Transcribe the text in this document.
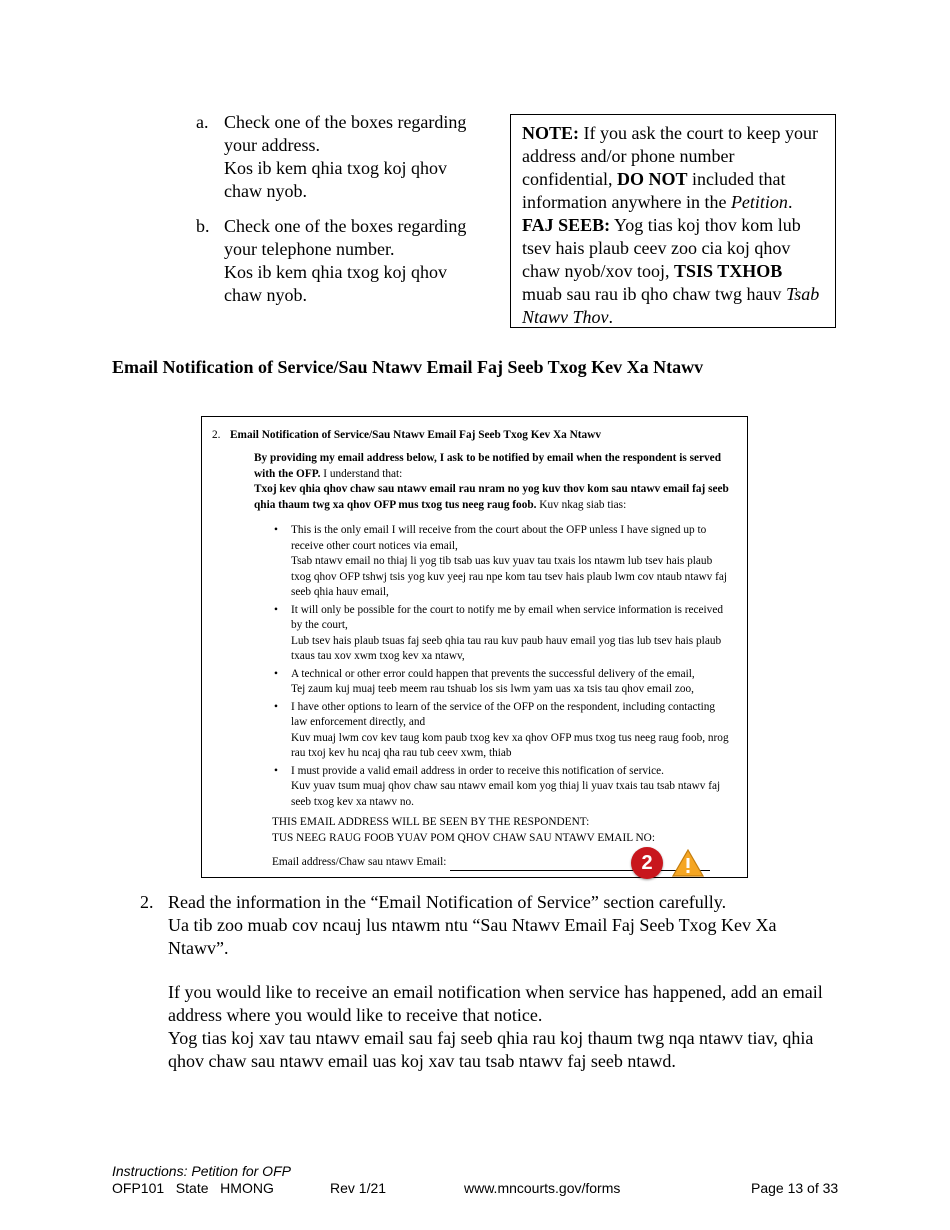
a. Check one of the boxes regarding
your address.
Kos ib kem qhia txog koj qhov
chaw nyob.
b. Check one of the boxes regarding
your telephone number.
Kos ib kem qhia txog koj qhov
chaw nyob.

NOTE: If you ask the court to keep your address and/or phone number confidential, DO NOT included that information anywhere in the Petition.

FAJ SEEB: Yog tias koj thov kom lub tsev hais plaub ceev zoo cia koj qhov chaw nyob/xov tooj, TSIS TXHOB muab sau rau ib qho chaw twg hauv Tsab Ntawv Thov.

Email Notification of Service/Sau Ntawv Email Faj Seeb Txog Kev Xa Ntawv
2. Email Notification of Service/Sau Ntawv Email Faj Seeb Txog Kev Xa Ntawv

By providing my email address below, I ask to be notified by email when the respondent is served with the OFP. I understand that:

Txoj kev qhia qhov chaw sau ntawv email rau nram no yog kuv thov kom sau ntawv email faj seeb qhia thaum twg xa qhov OFP mus txog tus neeg raug foob. Kuv nkag siab tias:

• This is the only email I will receive from the court about the OFP unless I have signed up to receive other court notices via email,
Tsab ntawv email no thiaj li yog tib tsab uas kuv yuav tau txais los ntawm lub tsev hais plaub txog qhov OFP tshwj tsis yog kuv yeej rau npe kom tau tsev hais plaub lwm cov ntaub ntawv faj seeb qhia hauv email,
• It will only be possible for the court to notify me by email when service information is received by the court,
Lub tsev hais plaub tsuas faj seeb qhia tau rau kuv paub hauv email yog tias lub tsev hais plaub txaus tau xov xwm txog kev xa ntawv,
• A technical or other error could happen that prevents the successful delivery of the email,
Tej zaum kuj muaj teeb meem rau tshuab los sis lwm yam uas xa tsis tau qhov email zoo,
• I have other options to learn of the service of the OFP on the respondent, including contacting law enforcement directly, and
Kuv muaj lwm cov kev taug kom paub txog kev xa qhov OFP mus txog tus neeg raug foob, nrog rau txoj kev hu ncaj qha rau tub ceev xwm, thiab
• I must provide a valid email address in order to receive this notification of service.
Kuv yuav tsum muaj qhov chaw sau ntawv email kom yog thiaj li yuav txais tau tsab ntawv faj seeb txog kev xa ntawv no.
THIS EMAIL ADDRESS WILL BE SEEN BY THE RESPONDENT:
TUS NEEG RAUG FOOB YUAV POM QHOV CHAW SAU NTAWV EMAIL NO:
Email address/Chaw sau ntawv Email:	2
2. Read the information in the “Email Notification of Service” section carefully.

Ua tib zoo muab cov ncauj lus ntawm ntu “Sau Ntawv Email Faj Seeb Txog Kev Xa Ntawv”.

If you would like to receive an email notification when service has happened, add an email address where you would like to receive that notice.

Yog tias koj xav tau ntawv email sau faj seeb qhia rau koj thaum twg nqa ntawv tiav, qhia qhov chaw sau ntawv email uas koj xav tau tsab ntawv faj seeb ntawd.

Instructions: Petition for OFP
OFP101   State   HMONG	Rev 1/21	www.mncourts.gov/forms	Page 13 of 33
